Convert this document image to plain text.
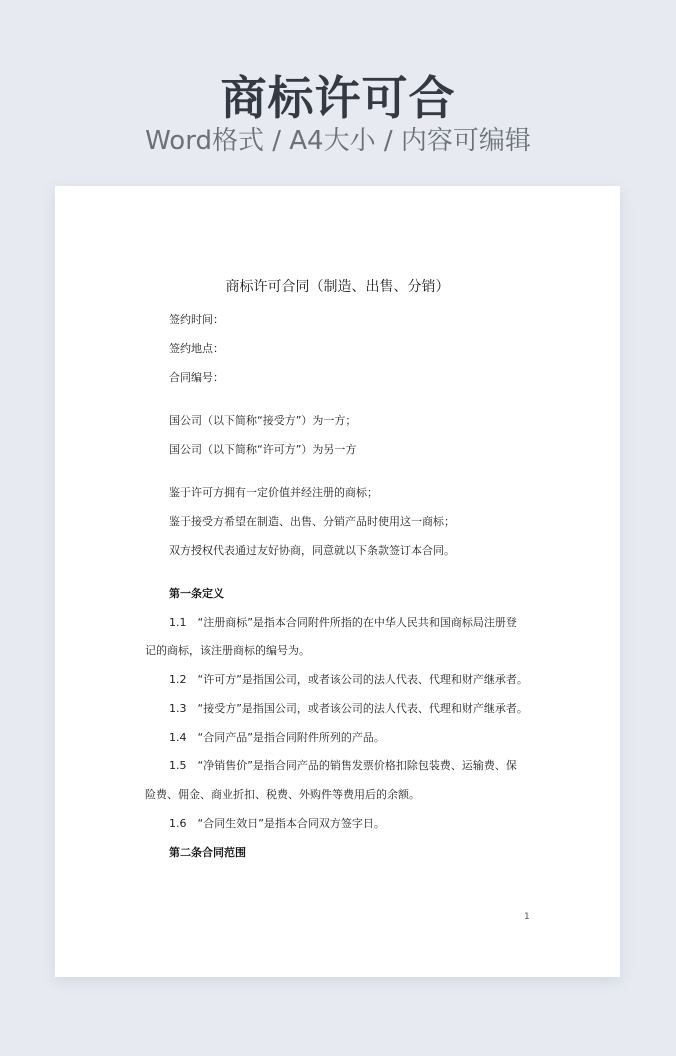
商标许可合
Word格式 / A4大小 / 内容可编辑
商标许可合同（制造、出售、分销）
签约时间：
签约地点：
合同编号：
国公司（以下简称“接受方”）为一方；
国公司（以下简称“许可方”）为另一方
鉴于许可方拥有一定价值并经注册的商标；
鉴于接受方希望在制造、出售、分销产品时使用这一商标；
双方授权代表通过友好协商，同意就以下条款签订本合同。
第一条定义
1.1　“注册商标”是指本合同附件所指的在中华人民共和国商标局注册登
记的商标，该注册商标的编号为。
1.2　“许可方”是指国公司，或者该公司的法人代表、代理和财产继承者。
1.3　“接受方”是指国公司，或者该公司的法人代表、代理和财产继承者。
1.4　“合同产品”是指合同附件所列的产品。
1.5　“净销售价”是指合同产品的销售发票价格扣除包装费、运输费、保
险费、佣金、商业折扣、税费、外购件等费用后的余额。
1.6　“合同生效日”是指本合同双方签字日。
第二条合同范围
1
